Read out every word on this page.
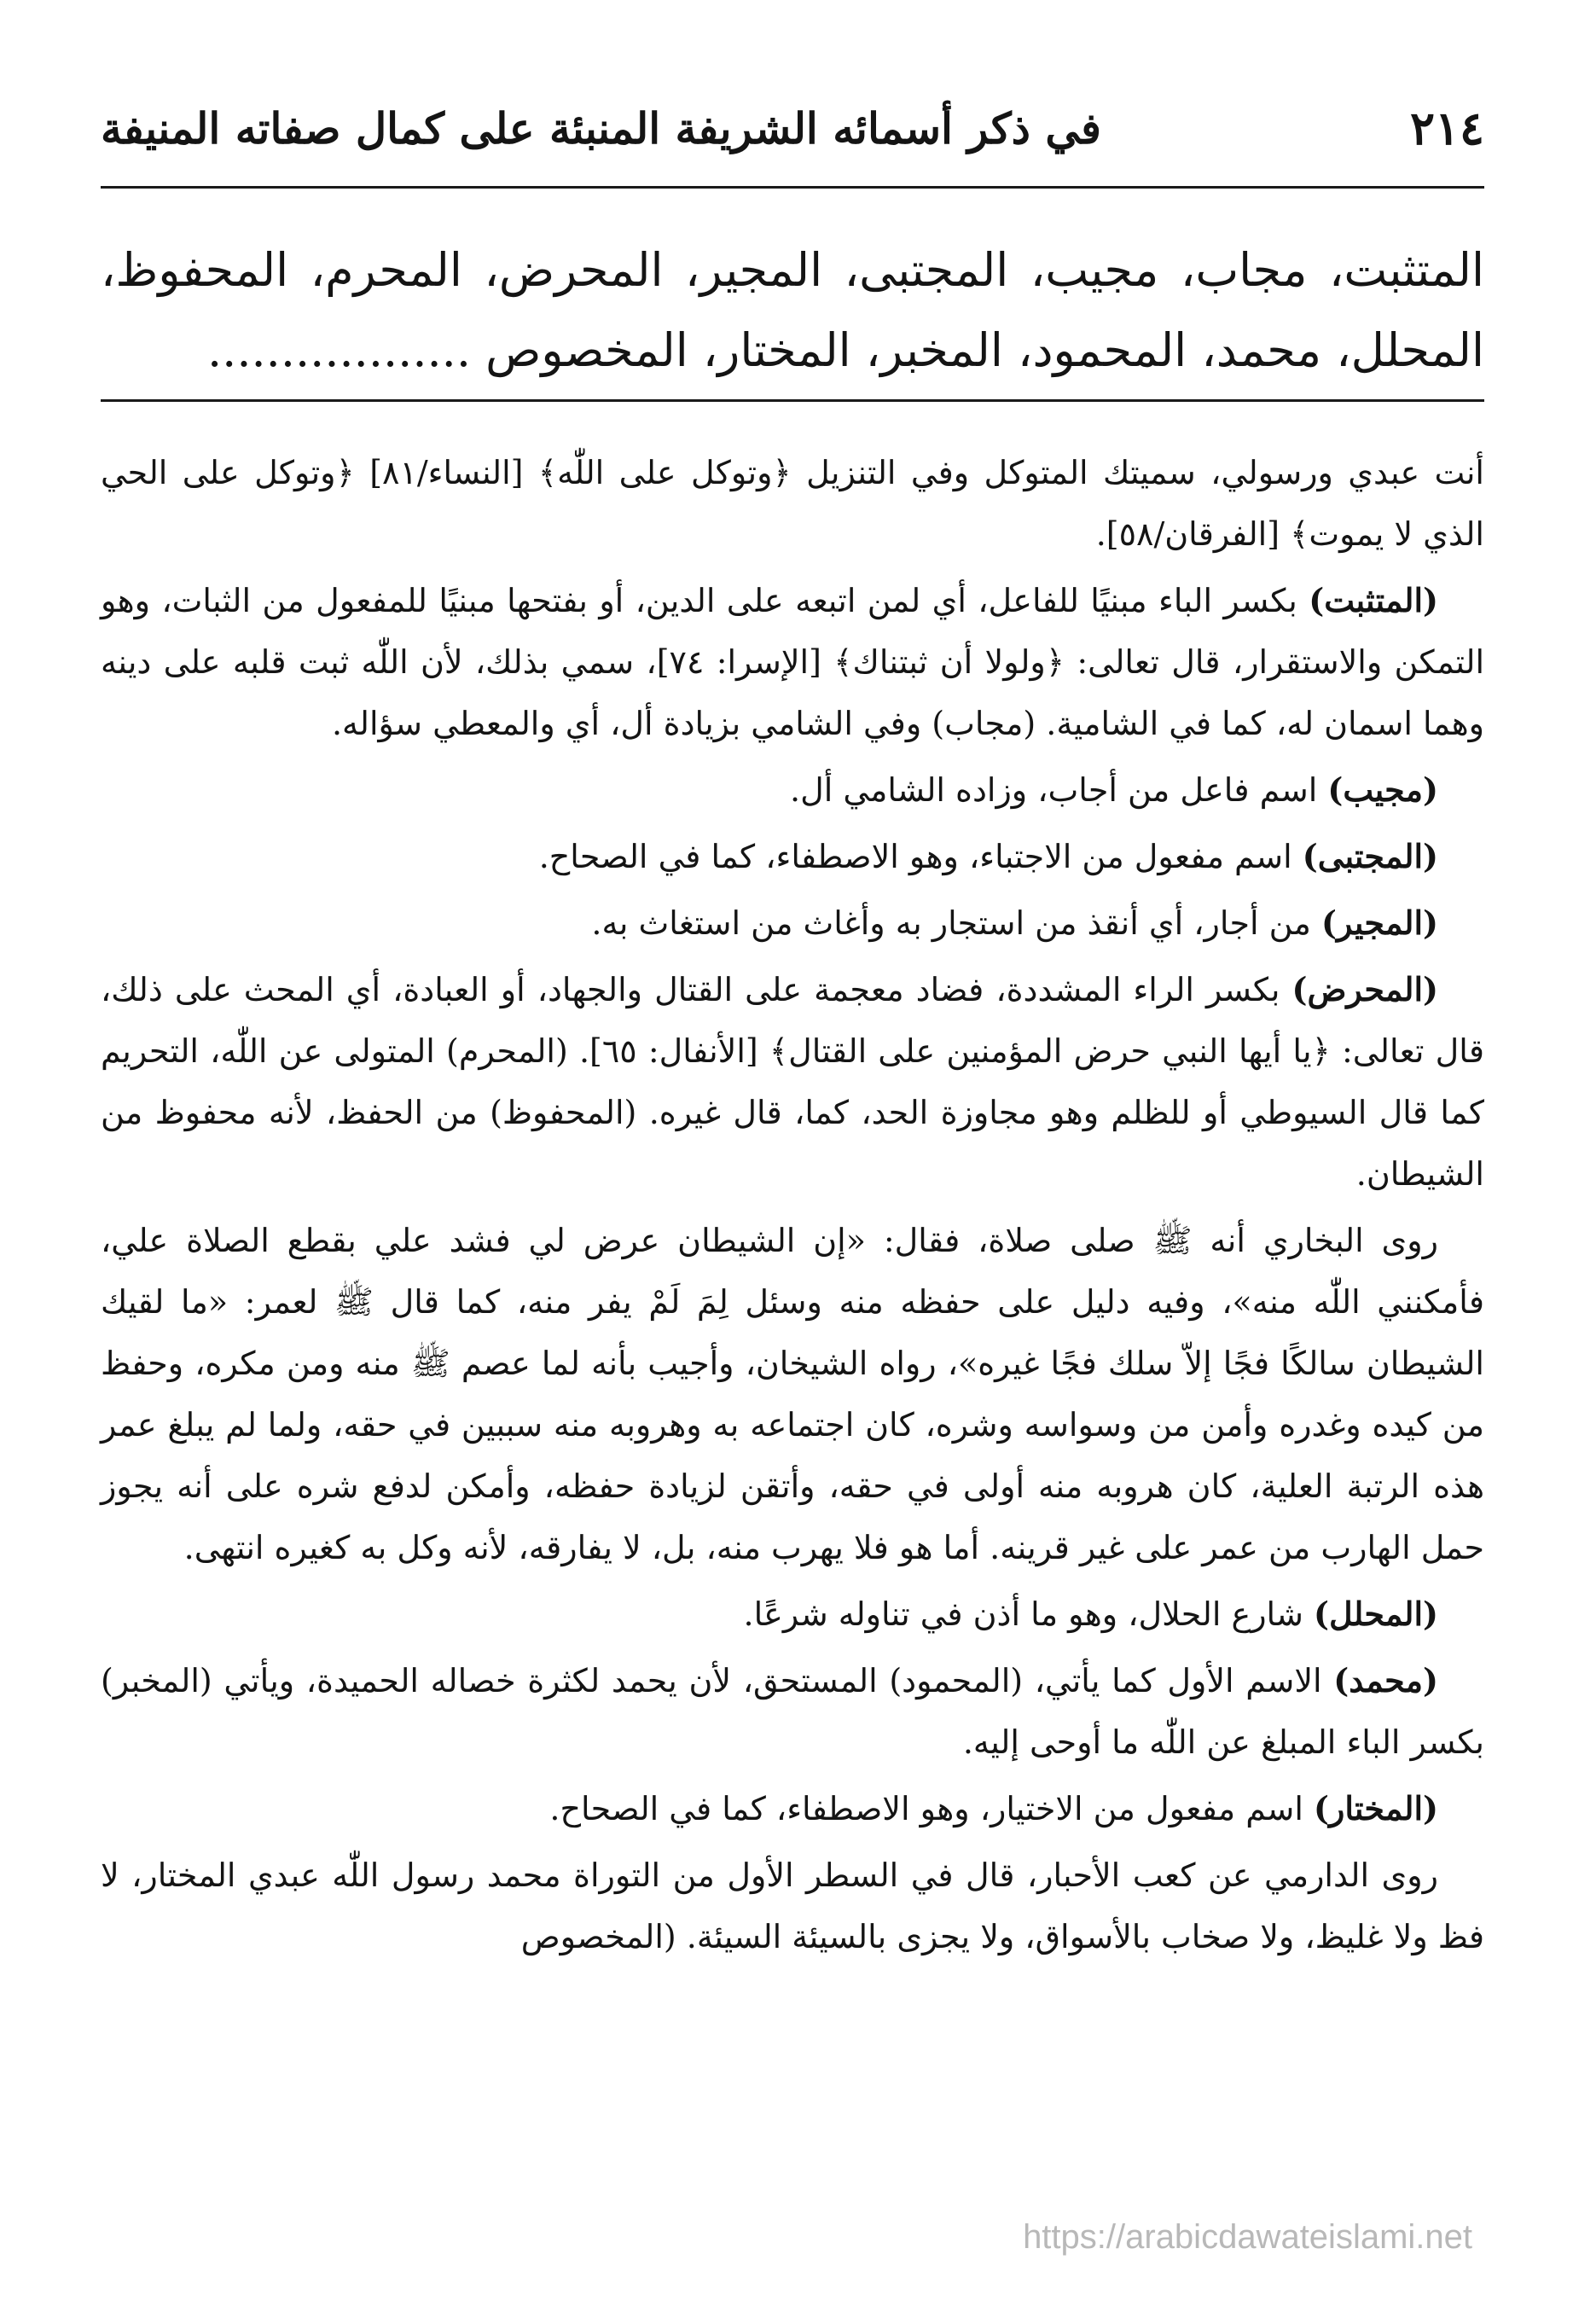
٢١٤
في ذكر أسمائه الشريفة المنبئة على كمال صفاته المنيفة
المتثبت، مجاب، مجيب، المجتبى، المجير، المحرض، المحرم، المحفوظ، المحلل، محمد، المحمود، المخبر، المختار، المخصوص ..................

أنت عبدي ورسولي، سميتك المتوكل وفي التنزيل ﴿وتوكل على اللّٰه﴾ [النساء/٨١] ﴿وتوكل على الحي الذي لا يموت﴾ [الفرقان/٥٨].

(المتثبت) بكسر الباء مبنيًا للفاعل، أي لمن اتبعه على الدين، أو بفتحها مبنيًا للمفعول من الثبات، وهو التمكن والاستقرار، قال تعالى: ﴿ولولا أن ثبتناك﴾ [الإسرا: ٧٤]، سمي بذلك، لأن اللّٰه ثبت قلبه على دينه وهما اسمان له، كما في الشامية. (مجاب) وفي الشامي بزيادة أل، أي والمعطي سؤاله.

(مجيب) اسم فاعل من أجاب، وزاده الشامي أل.

(المجتبى) اسم مفعول من الاجتباء، وهو الاصطفاء، كما في الصحاح.

(المجير) من أجار، أي أنقذ من استجار به وأغاث من استغاث به.

(المحرض) بكسر الراء المشددة، فضاد معجمة على القتال والجهاد، أو العبادة، أي المحث على ذلك، قال تعالى: ﴿يا أيها النبي حرض المؤمنين على القتال﴾ [الأنفال: ٦٥]. (المحرم) المتولى عن اللّٰه، التحريم كما قال السيوطي أو للظلم وهو مجاوزة الحد، كما، قال غيره. (المحفوظ) من الحفظ، لأنه محفوظ من الشيطان.

روى البخاري أنه ﷺ صلى صلاة، فقال: «إن الشيطان عرض لي فشد علي بقطع الصلاة علي، فأمكنني اللّٰه منه»، وفيه دليل على حفظه منه وسئل لِمَ لَمْ يفر منه، كما قال ﷺ لعمر: «ما لقيك الشيطان سالكًا فجًا إلاّ سلك فجًا غيره»، رواه الشيخان، وأجيب بأنه لما عصم ﷺ منه ومن مكره، وحفظ من كيده وغدره وأمن من وسواسه وشره، كان اجتماعه به وهروبه منه سببين في حقه، ولما لم يبلغ عمر هذه الرتبة العلية، كان هروبه منه أولى في حقه، وأتقن لزيادة حفظه، وأمكن لدفع شره على أنه يجوز حمل الهارب من عمر على غير قرينه. أما هو فلا يهرب منه، بل، لا يفارقه، لأنه وكل به كغيره انتهى.

(المحلل) شارع الحلال، وهو ما أذن في تناوله شرعًا.

(محمد) الاسم الأول كما يأتي، (المحمود) المستحق، لأن يحمد لكثرة خصاله الحميدة، ويأتي (المخبر) بكسر الباء المبلغ عن اللّٰه ما أوحى إليه.

(المختار) اسم مفعول من الاختيار، وهو الاصطفاء، كما في الصحاح.

روى الدارمي عن كعب الأحبار، قال في السطر الأول من التوراة محمد رسول اللّٰه عبدي المختار، لا فظ ولا غليظ، ولا صخاب بالأسواق، ولا يجزى بالسيئة السيئة. (المخصوص

https://arabicdawateislami.net
